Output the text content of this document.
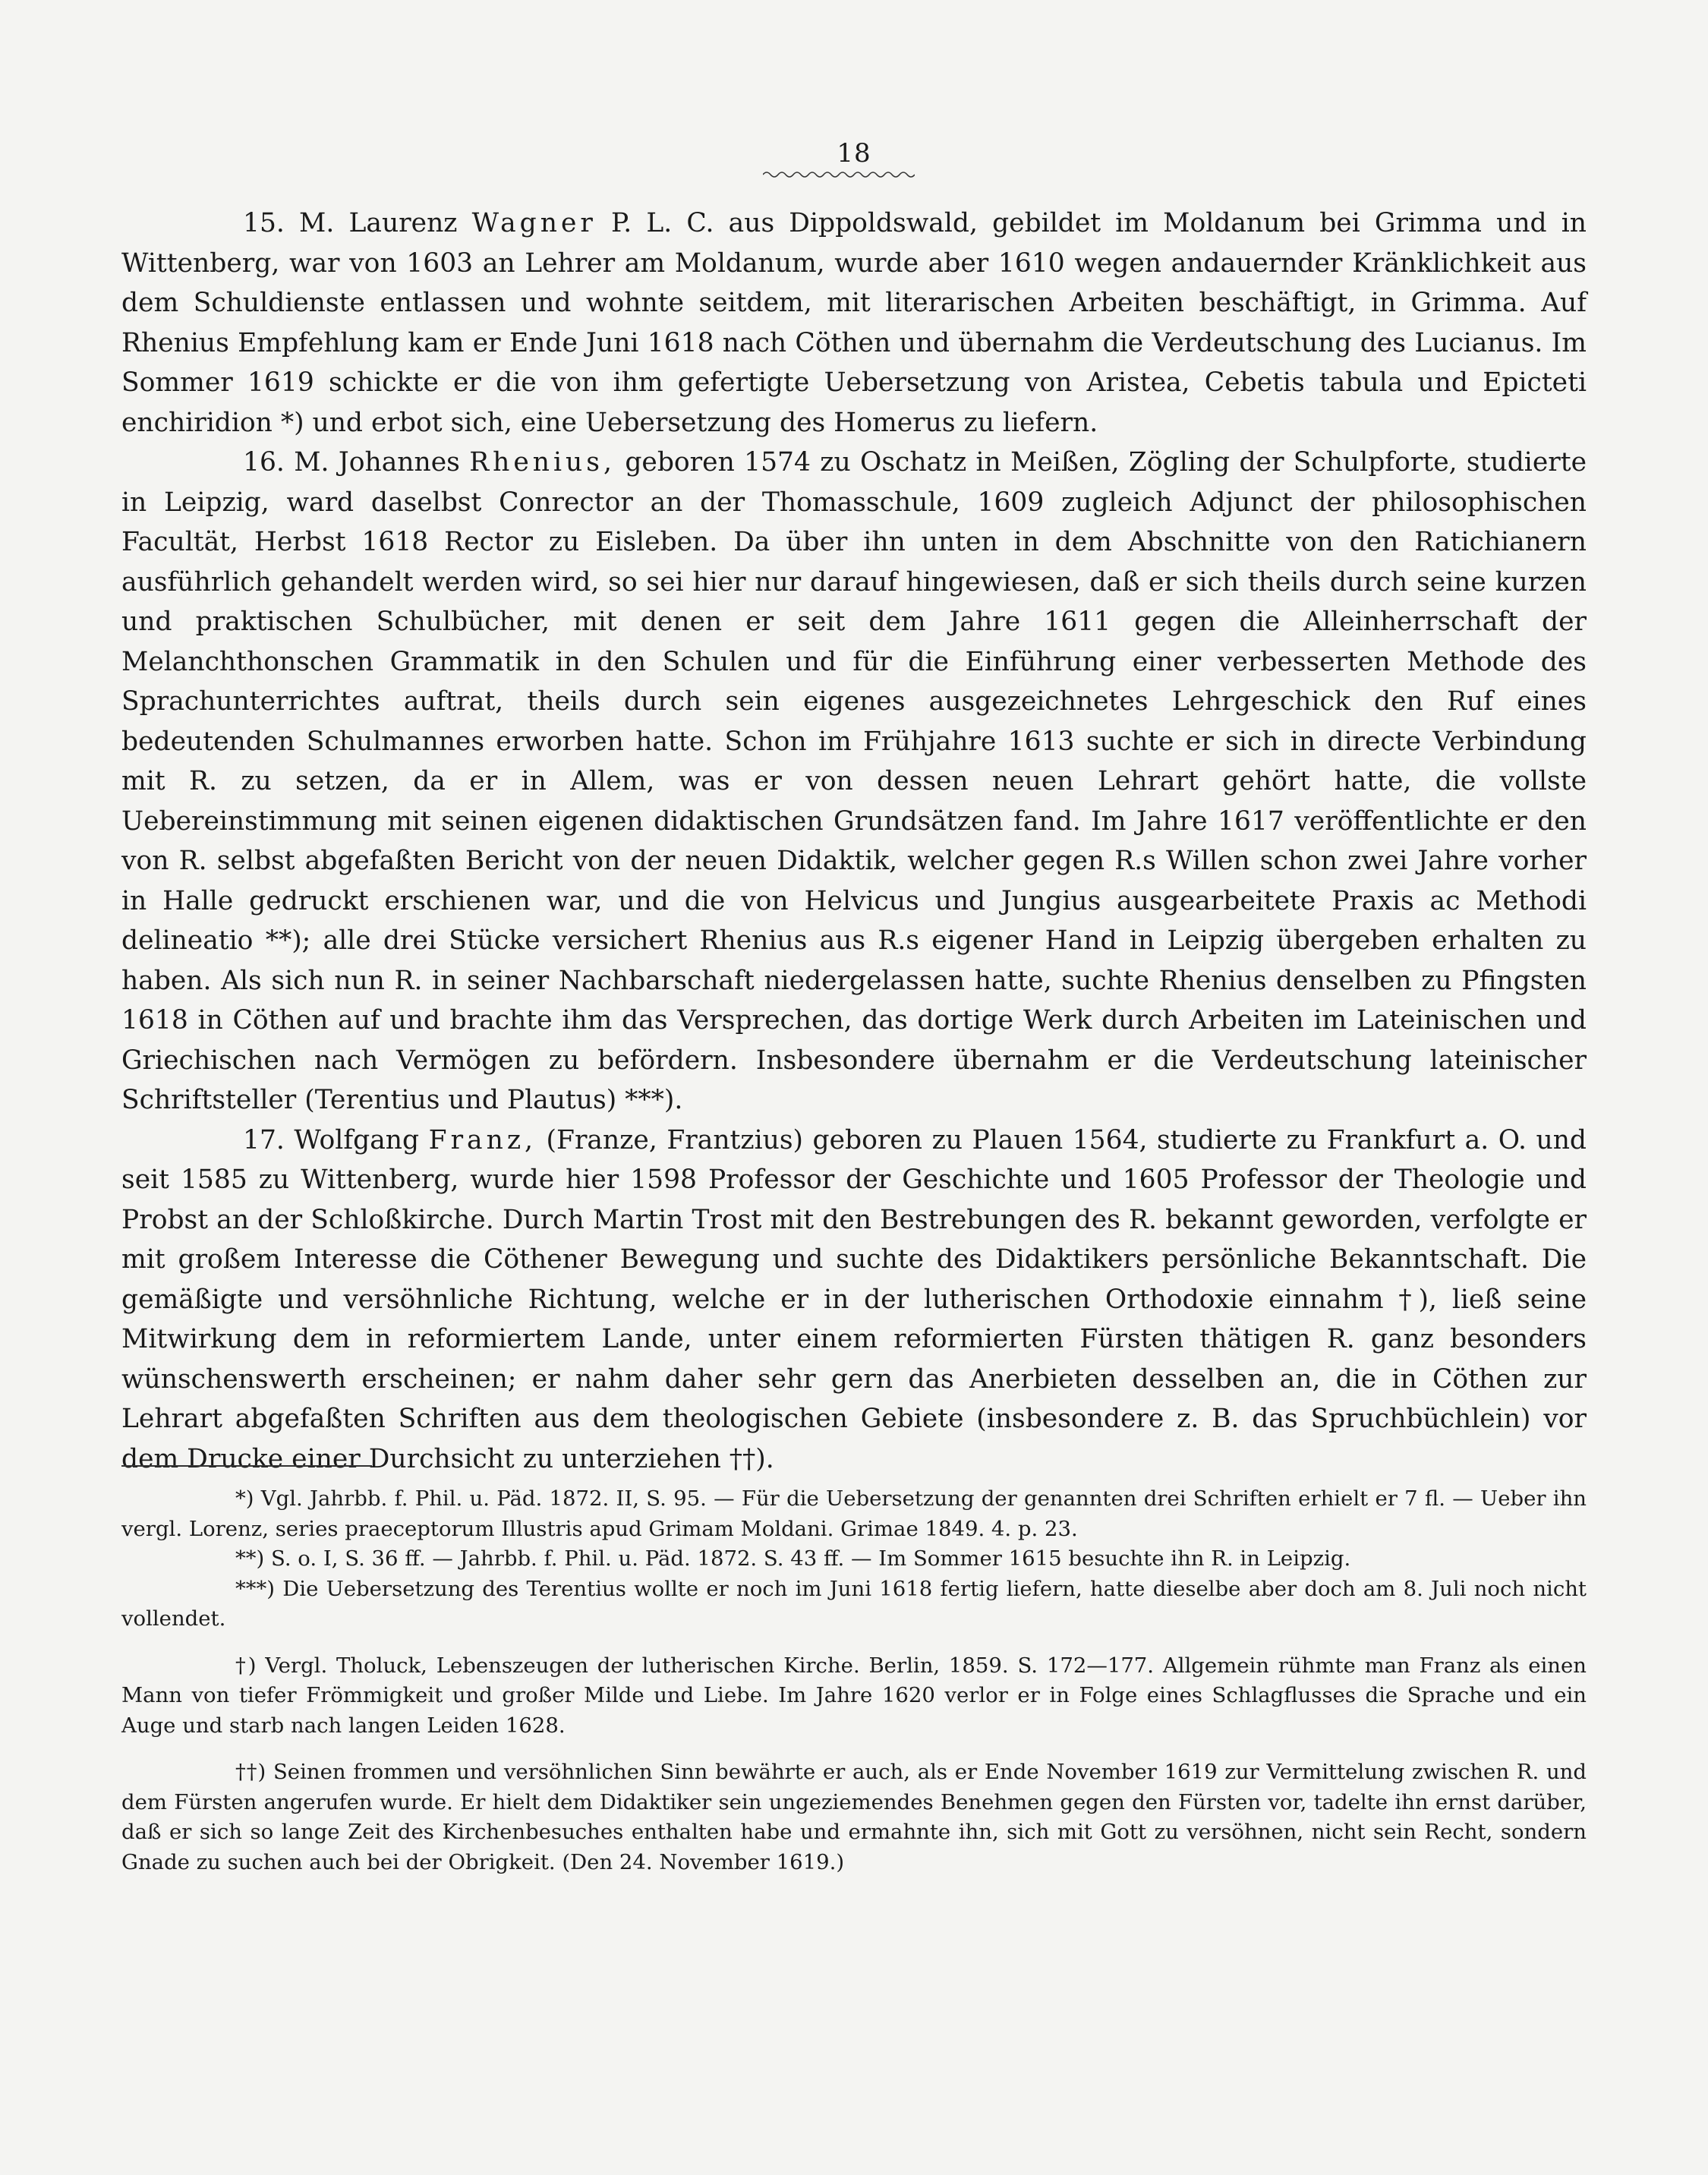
18

15. M. Laurenz Wagner P. L. C. aus Dippoldswald, gebildet im Moldanum bei Grimma und in Wittenberg, war von 1603 an Lehrer am Moldanum, wurde aber 1610 wegen andauernder Kränklichkeit aus dem Schuldienste entlassen und wohnte seitdem, mit literarischen Arbeiten beschäftigt, in Grimma. Auf Rhenius Empfehlung kam er Ende Juni 1618 nach Cöthen und übernahm die Verdeutschung des Lucianus. Im Sommer 1619 schickte er die von ihm gefertigte Uebersetzung von Aristea, Cebetis tabula und Epicteti enchiridion *) und erbot sich, eine Uebersetzung des Homerus zu liefern.

16. M. Johannes Rhenius, geboren 1574 zu Oschatz in Meißen, Zögling der Schulpforte, studierte in Leipzig, ward daselbst Conrector an der Thomasschule, 1609 zugleich Adjunct der philosophischen Facultät, Herbst 1618 Rector zu Eisleben. Da über ihn unten in dem Abschnitte von den Ratichianern ausführlich gehandelt werden wird, so sei hier nur darauf hingewiesen, daß er sich theils durch seine kurzen und praktischen Schulbücher, mit denen er seit dem Jahre 1611 gegen die Alleinherrschaft der Melanchthonschen Grammatik in den Schulen und für die Einführung einer verbesserten Methode des Sprachunterrichtes auftrat, theils durch sein eigenes ausgezeichnetes Lehrgeschick den Ruf eines bedeutenden Schulmannes erworben hatte. Schon im Frühjahre 1613 suchte er sich in directe Verbindung mit R. zu setzen, da er in Allem, was er von dessen neuen Lehrart gehört hatte, die vollste Uebereinstimmung mit seinen eigenen didaktischen Grundsätzen fand. Im Jahre 1617 veröffentlichte er den von R. selbst abgefaßten Bericht von der neuen Didaktik, welcher gegen R.s Willen schon zwei Jahre vorher in Halle gedruckt erschienen war, und die von Helvicus und Jungius ausgearbeitete Praxis ac Methodi delineatio **); alle drei Stücke versichert Rhenius aus R.s eigener Hand in Leipzig übergeben erhalten zu haben. Als sich nun R. in seiner Nachbarschaft niedergelassen hatte, suchte Rhenius denselben zu Pfingsten 1618 in Cöthen auf und brachte ihm das Versprechen, das dortige Werk durch Arbeiten im Lateinischen und Griechischen nach Vermögen zu befördern. Insbesondere übernahm er die Verdeutschung lateinischer Schriftsteller (Terentius und Plautus) ***).

17. Wolfgang Franz, (Franze, Frantzius) geboren zu Plauen 1564, studierte zu Frankfurt a. O. und seit 1585 zu Wittenberg, wurde hier 1598 Professor der Geschichte und 1605 Professor der Theologie und Probst an der Schloßkirche. Durch Martin Trost mit den Bestrebungen des R. bekannt geworden, verfolgte er mit großem Interesse die Cöthener Bewegung und suchte des Didaktikers persönliche Bekanntschaft. Die gemäßigte und versöhnliche Richtung, welche er in der lutherischen Orthodoxie einnahm †), ließ seine Mitwirkung dem in reformiertem Lande, unter einem reformierten Fürsten thätigen R. ganz besonders wünschenswerth erscheinen; er nahm daher sehr gern das Anerbieten desselben an, die in Cöthen zur Lehrart abgefaßten Schriften aus dem theologischen Gebiete (insbesondere z. B. das Spruchbüchlein) vor dem Drucke einer Durchsicht zu unterziehen ††).

*) Vgl. Jahrbb. f. Phil. u. Päd. 1872. II, S. 95. — Für die Uebersetzung der genannten drei Schriften erhielt er 7 fl. — Ueber ihn vergl. Lorenz, series praeceptorum Illustris apud Grimam Moldani. Grimae 1849. 4. p. 23.

**) S. o. I, S. 36 ff. — Jahrbb. f. Phil. u. Päd. 1872. S. 43 ff. — Im Sommer 1615 besuchte ihn R. in Leipzig.

***) Die Uebersetzung des Terentius wollte er noch im Juni 1618 fertig liefern, hatte dieselbe aber doch am 8. Juli noch nicht vollendet.

†) Vergl. Tholuck, Lebenszeugen der lutherischen Kirche. Berlin, 1859. S. 172—177. Allgemein rühmte man Franz als einen Mann von tiefer Frömmigkeit und großer Milde und Liebe. Im Jahre 1620 verlor er in Folge eines Schlagflusses die Sprache und ein Auge und starb nach langen Leiden 1628.

††) Seinen frommen und versöhnlichen Sinn bewährte er auch, als er Ende November 1619 zur Vermittelung zwischen R. und dem Fürsten angerufen wurde. Er hielt dem Didaktiker sein ungeziemendes Benehmen gegen den Fürsten vor, tadelte ihn ernst darüber, daß er sich so lange Zeit des Kirchenbesuches enthalten habe und ermahnte ihn, sich mit Gott zu versöhnen, nicht sein Recht, sondern Gnade zu suchen auch bei der Obrigkeit. (Den 24. November 1619.)
